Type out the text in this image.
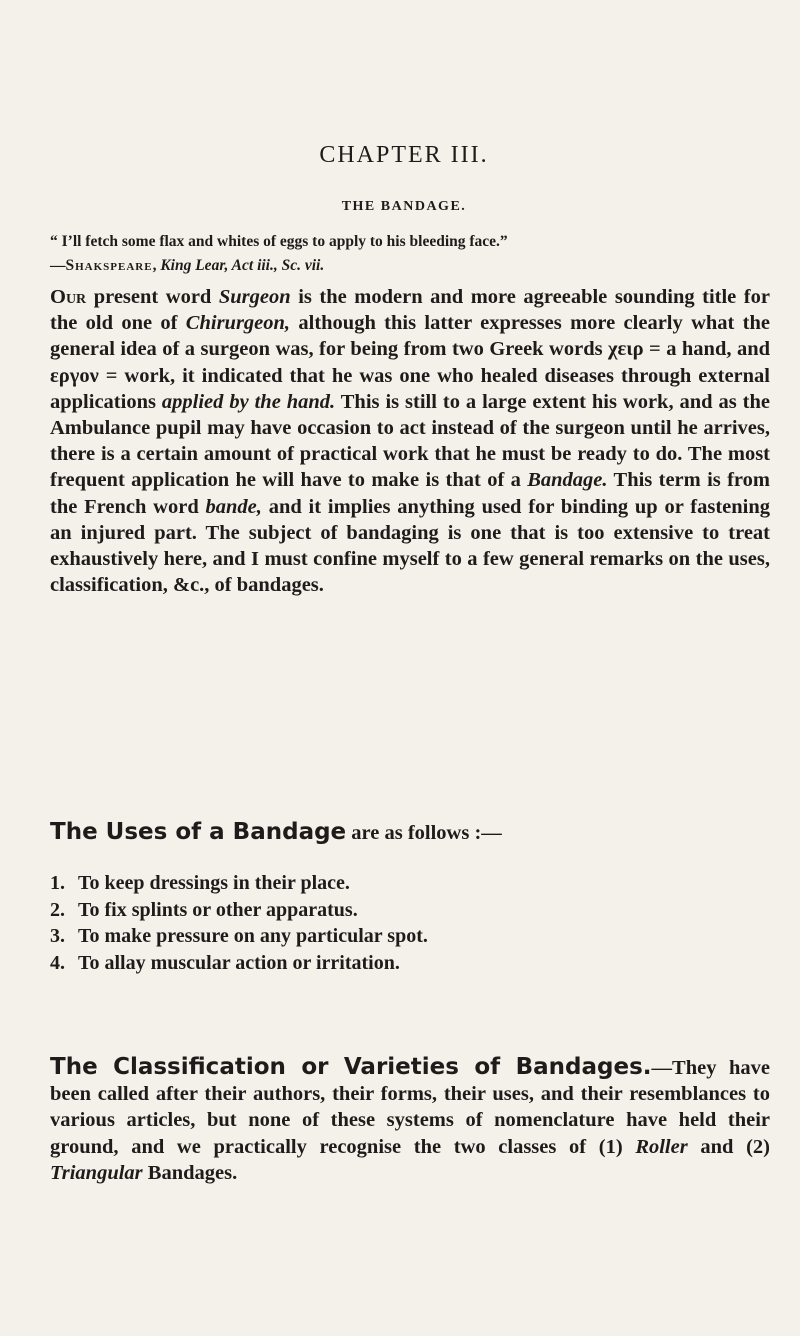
CHAPTER III.
THE BANDAGE.
“ I’ll fetch some flax and whites of eggs to apply to his bleeding face.”
—Shakspeare, King Lear, Act iii., Sc. vii.

Our present word Surgeon is the modern and more agreeable sounding title for the old one of Chirurgeon, although this latter expresses more clearly what the general idea of a surgeon was, for being from two Greek words χειρ = a hand, and εργον = work, it indicated that he was one who healed diseases through external applications applied by the hand. This is still to a large extent his work, and as the Ambulance pupil may have occasion to act instead of the surgeon until he arrives, there is a certain amount of practical work that he must be ready to do. The most frequent application he will have to make is that of a Bandage. This term is from the French word bande, and it implies anything used for binding up or fastening an injured part. The subject of bandaging is one that is too extensive to treat exhaustively here, and I must confine myself to a few general remarks on the uses, classification, &c., of bandages.

The Uses of a Bandage are as follows :—
1. To keep dressings in their place.
2. To fix splints or other apparatus.
3. To make pressure on any particular spot.
4. To allay muscular action or irritation.

The Classification or Varieties of Bandages.—They have been called after their authors, their forms, their uses, and their resemblances to various articles, but none of these systems of nomenclature have held their ground, and we practically recognise the two classes of (1) Roller and (2) Triangular Bandages.
